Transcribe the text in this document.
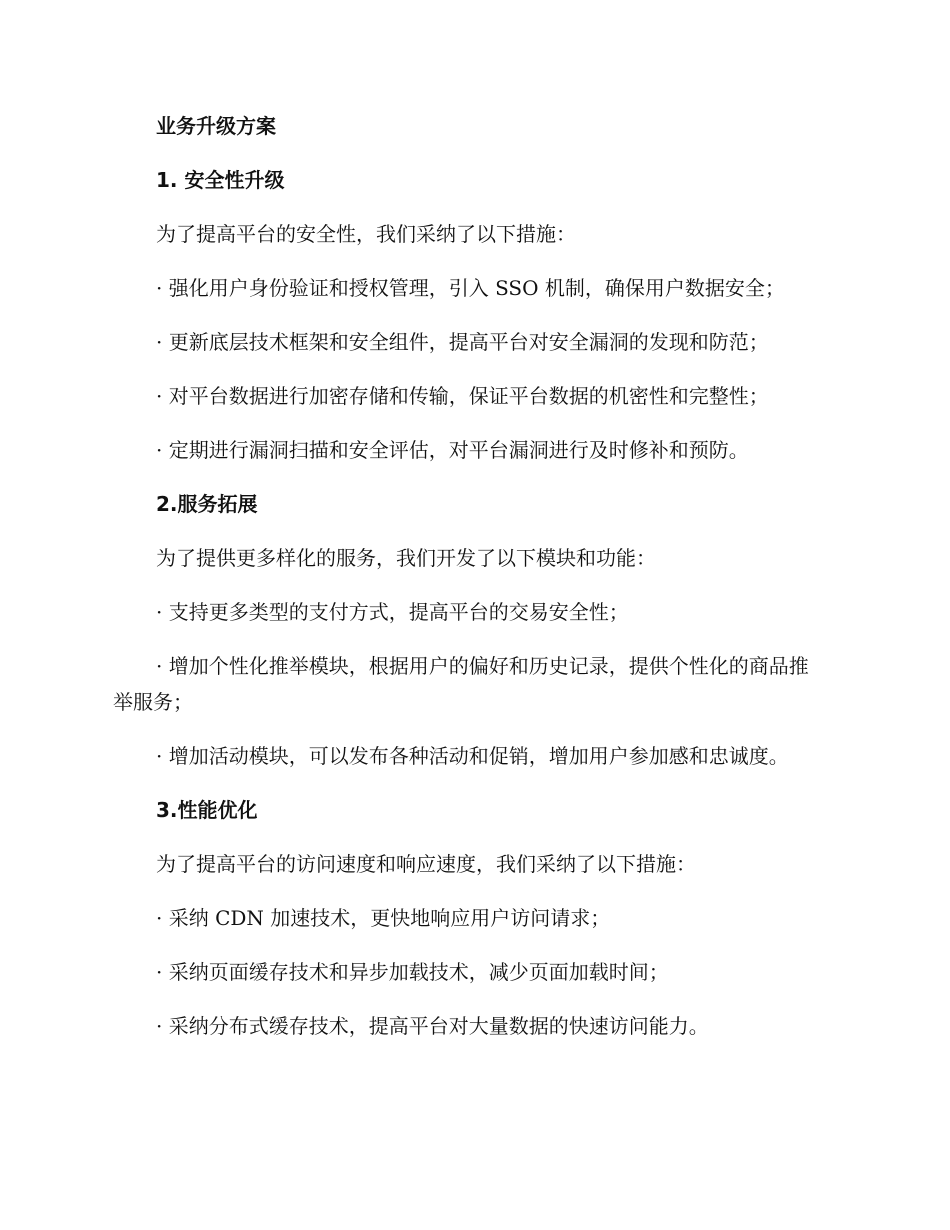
业务升级方案

1. 安全性升级

为了提高平台的安全性，我们采纳了以下措施：

· 强化用户身份验证和授权管理，引入 SSO 机制，确保用户数据安全；

· 更新底层技术框架和安全组件，提高平台对安全漏洞的发现和防范；

· 对平台数据进行加密存储和传输，保证平台数据的机密性和完整性；

· 定期进行漏洞扫描和安全评估，对平台漏洞进行及时修补和预防。

2.服务拓展

为了提供更多样化的服务，我们开发了以下模块和功能：

· 支持更多类型的支付方式，提高平台的交易安全性；

· 增加个性化推举模块，根据用户的偏好和历史记录，提供个性化的商品推举服务；

· 增加活动模块，可以发布各种活动和促销，增加用户参加感和忠诚度。

3.性能优化

为了提高平台的访问速度和响应速度，我们采纳了以下措施：

· 采纳 CDN 加速技术，更快地响应用户访问请求；

· 采纳页面缓存技术和异步加载技术，减少页面加载时间；

· 采纳分布式缓存技术，提高平台对大量数据的快速访问能力。
